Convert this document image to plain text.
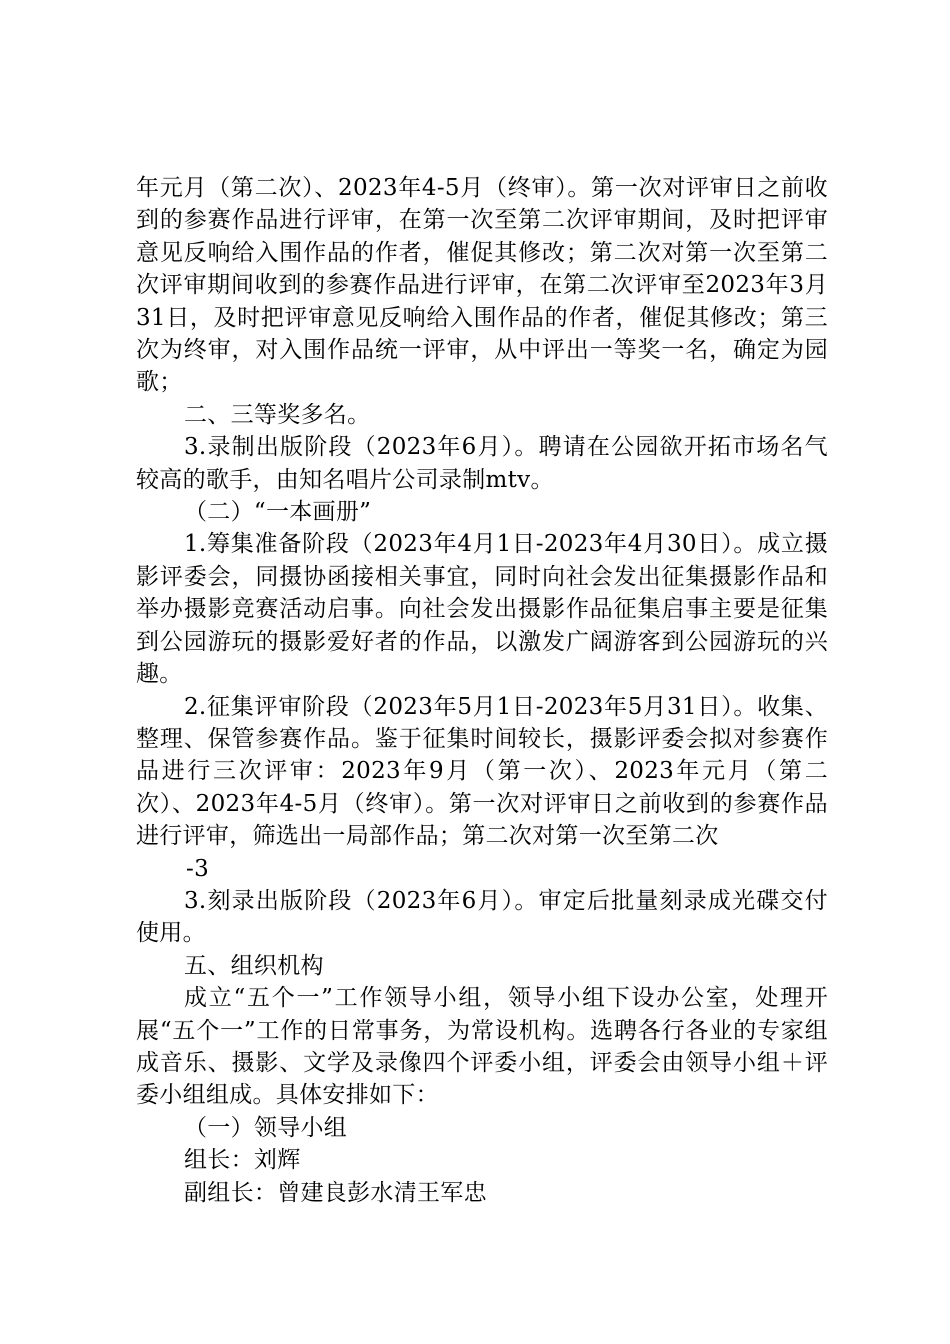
年元月（第二次）、2023年4-5月（终审）。第一次对评审日之前收到的参赛作品进行评审，在第一次至第二次评审期间，及时把评审意见反响给入围作品的作者，催促其修改；第二次对第一次至第二次评审期间收到的参赛作品进行评审，在第二次评审至2023年3月31日，及时把评审意见反响给入围作品的作者，催促其修改；第三次为终审，对入围作品统一评审，从中评出一等奖一名，确定为园歌；

二、三等奖多名。

3.录制出版阶段（2023年6月）。聘请在公园欲开拓市场名气较高的歌手，由知名唱片公司录制mtv。

（二）“一本画册”

1.筹集准备阶段（2023年4月1日-2023年4月30日）。成立摄影评委会，同摄协函接相关事宜，同时向社会发出征集摄影作品和举办摄影竞赛活动启事。向社会发出摄影作品征集启事主要是征集到公园游玩的摄影爱好者的作品，以激发广阔游客到公园游玩的兴趣。

2.征集评审阶段（2023年5月1日-2023年5月31日）。收集、整理、保管参赛作品。鉴于征集时间较长，摄影评委会拟对参赛作品进行三次评审：2023年9月（第一次）、2023年元月（第二次）、2023年4-5月（终审）。第一次对评审日之前收到的参赛作品进行评审，筛选出一局部作品；第二次对第一次至第二次

-3

3.刻录出版阶段（2023年6月）。审定后批量刻录成光碟交付使用。

五、组织机构

成立“五个一”工作领导小组，领导小组下设办公室，处理开展“五个一”工作的日常事务，为常设机构。选聘各行各业的专家组成音乐、摄影、文学及录像四个评委小组，评委会由领导小组＋评委小组组成。具体安排如下：

（一）领导小组

组长：刘辉

副组长：曾建良彭水清王军忠
